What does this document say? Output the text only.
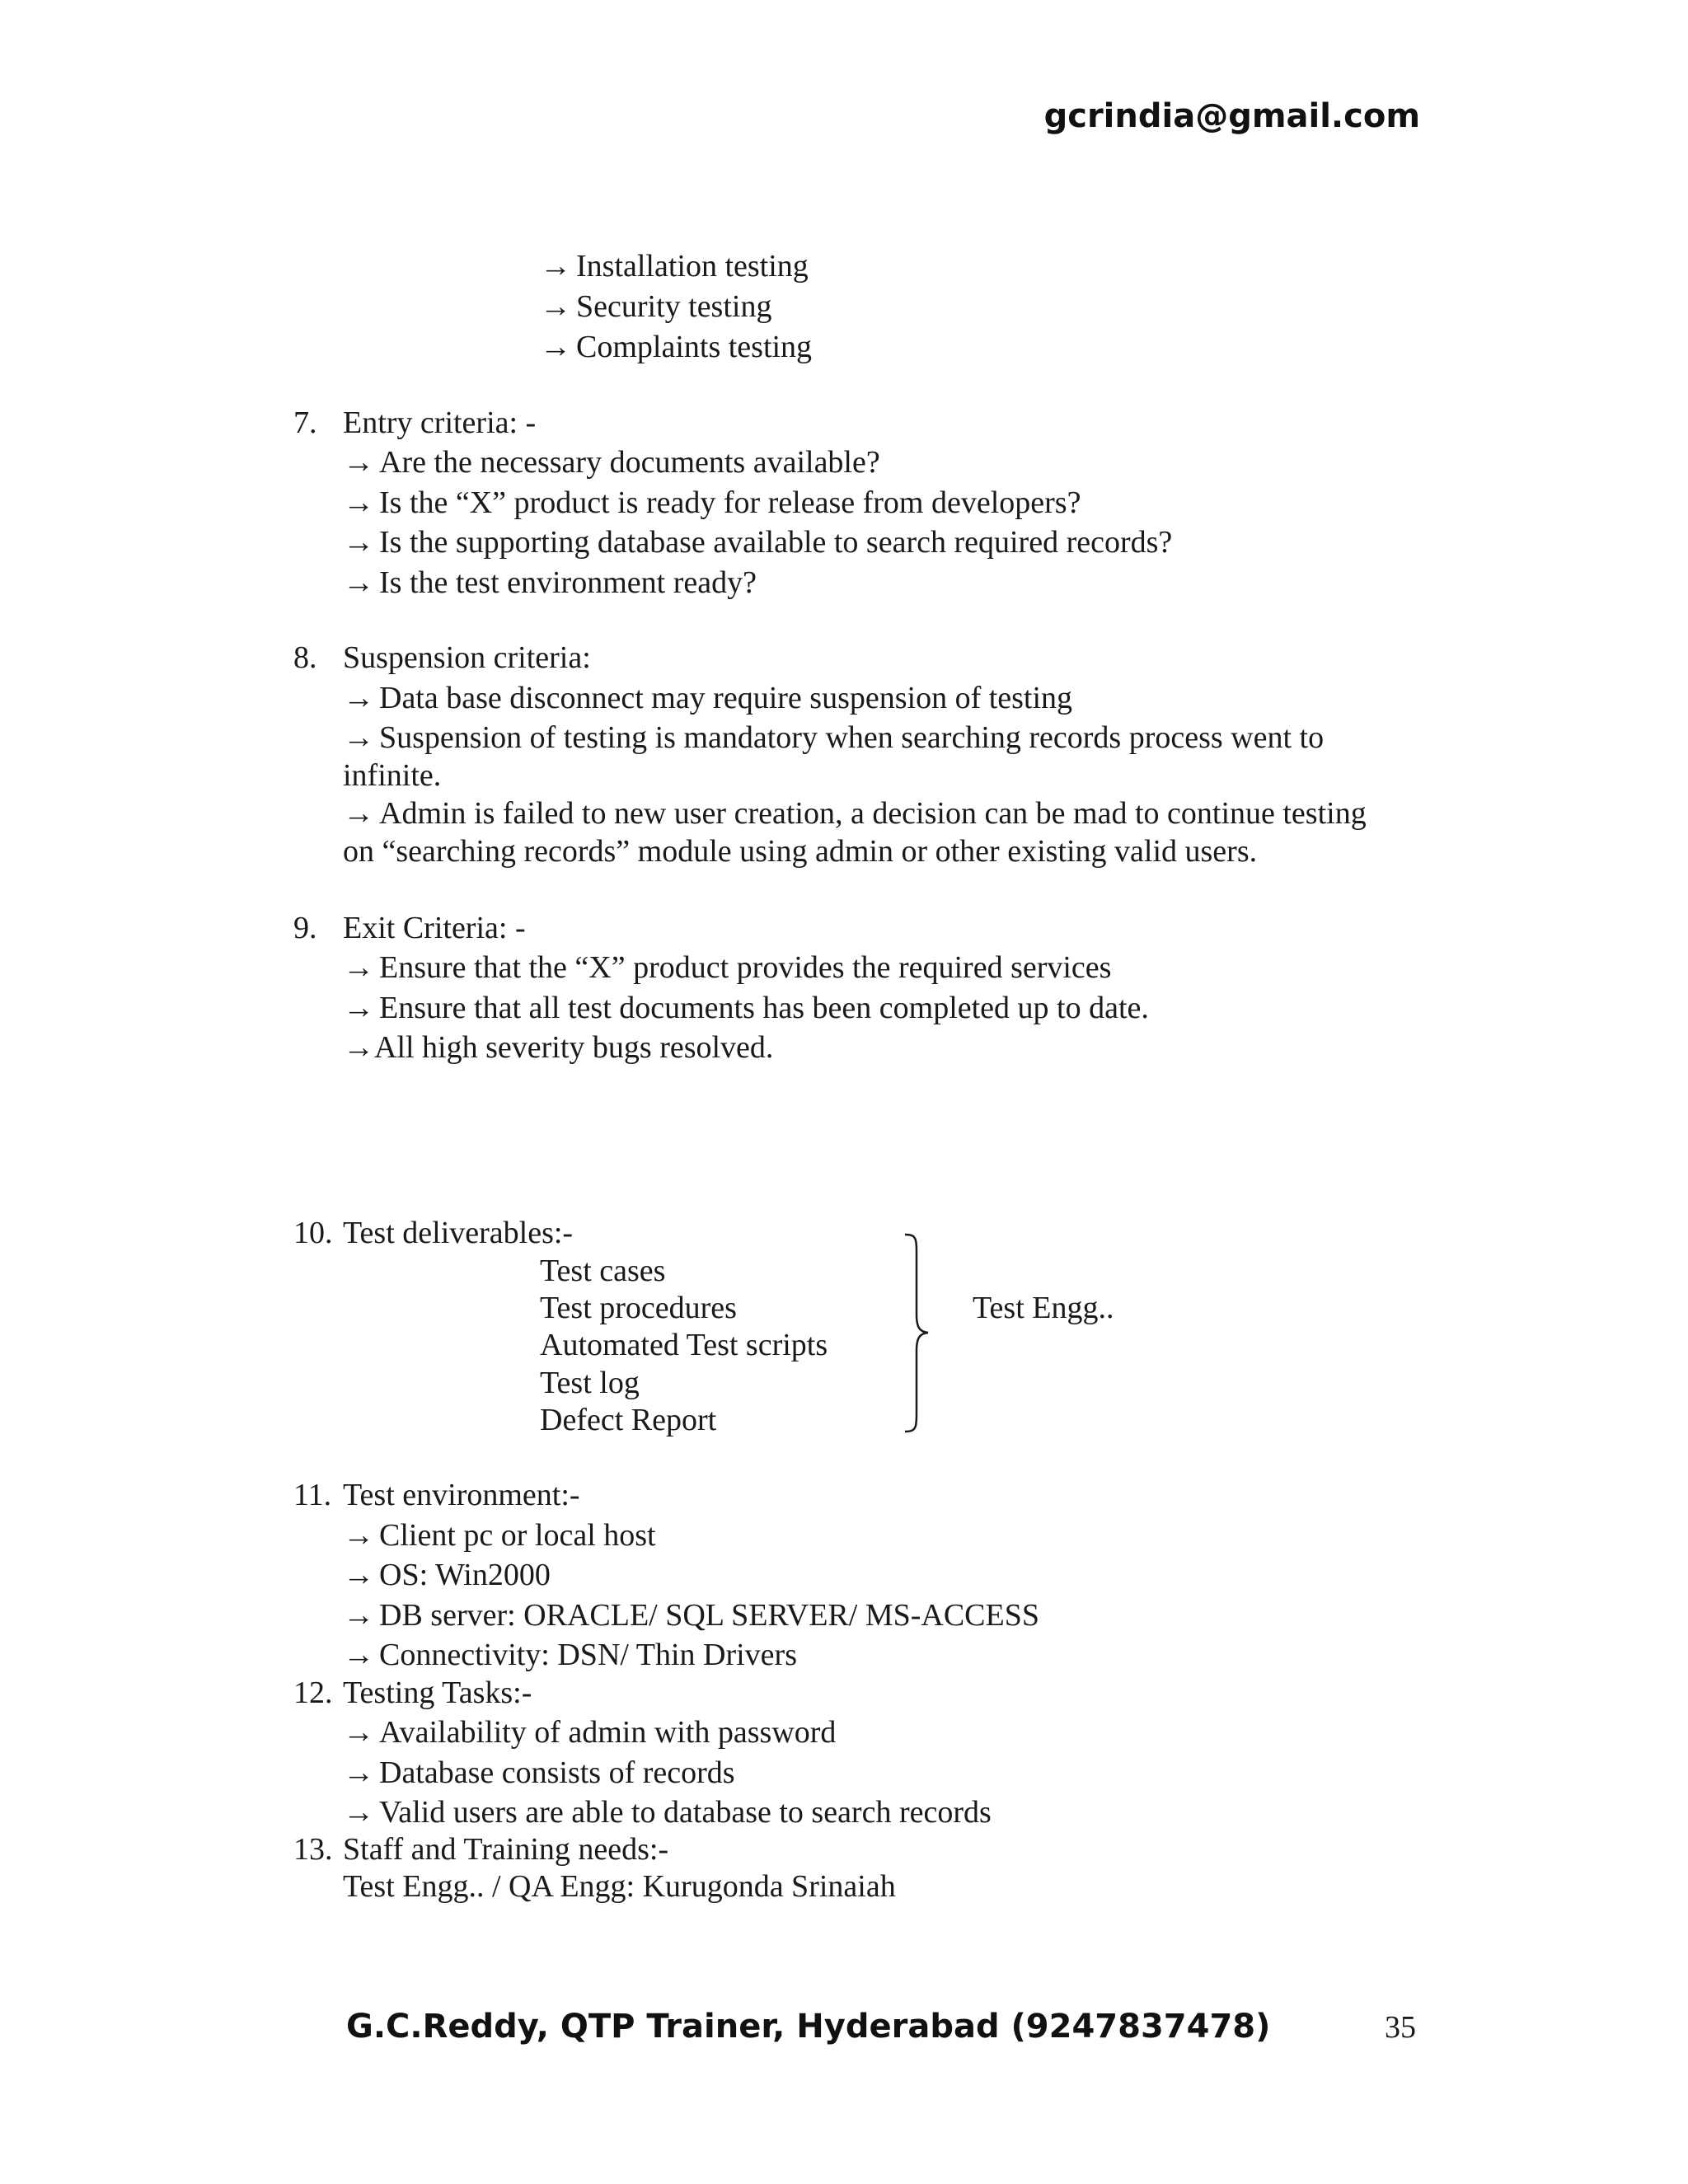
gcrindia@gmail.com
→ Installation testing
→ Security testing
→ Complaints testing
7. Entry criteria: -
→ Are the necessary documents available?
→ Is the “X” product is ready for release from developers?
→ Is the supporting database available to search required records?
→ Is the test environment ready?
8. Suspension criteria:
→ Data base disconnect may require suspension of testing
→ Suspension of testing is mandatory when searching records process went to
infinite.
→ Admin is failed to new user creation, a decision can be mad to continue testing
on “searching records” module using admin or other existing valid users.
9. Exit Criteria: -
→ Ensure that the “X” product provides the required services
→ Ensure that all test documents has been completed up to date.
→All high severity bugs resolved.
10. Test deliverables:-
Test cases
Test procedures
Automated Test scripts
Test log
Defect Report
Test Engg..
11. Test environment:-
→ Client pc or local host
→ OS: Win2000
→ DB server: ORACLE/ SQL SERVER/ MS-ACCESS
→ Connectivity: DSN/ Thin Drivers
12. Testing Tasks:-
→ Availability of admin with password
→ Database consists of records
→ Valid users are able to database to search records
13. Staff and Training needs:-
Test Engg.. / QA Engg: Kurugonda Srinaiah
G.C.Reddy, QTP Trainer, Hyderabad (9247837478)	35
